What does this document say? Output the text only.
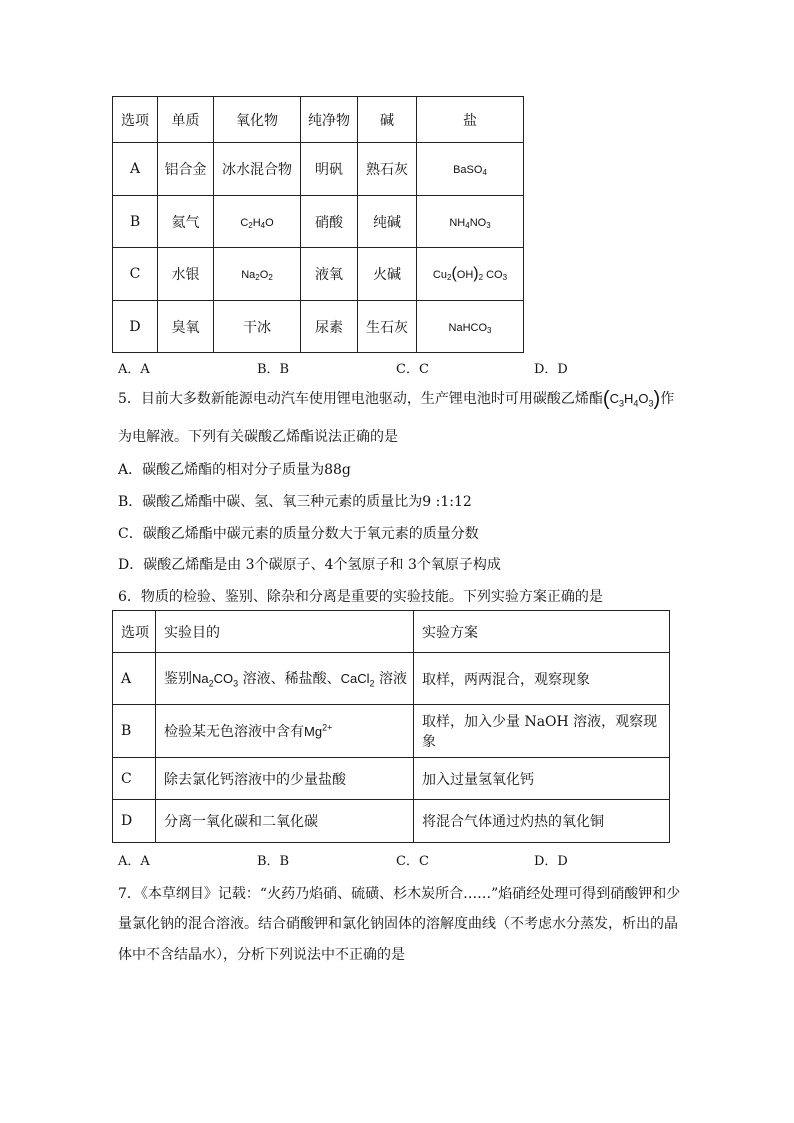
选项	单质	氧化物	纯净物	碱	盐
A	铝合金	冰水混合物	明矾	熟石灰	BaSO$_4$
B	氦气	$C_2H_4O$	硝酸	纯碱	$NH_4NO_3$
C	水银	$Na_2O_2$	液氧	火碱	$Cu_2(OH)_2$ $CO_3$
D	臭氧	干冰	尿素	生石灰	NaHCO$_3$
A．A	B．B	C．C	D．D
5．目前大多数新能源电动汽车使用锂电池驱动，生产锂电池时可用碳酸乙烯酯$(C_3H_4O_3)$作
为电解液。下列有关碳酸乙烯酯说法正确的是
A．碳酸乙烯酯的相对分子质量为88g
B．碳酸乙烯酯中碳、氢、氧三种元素的质量比为9 :1:12
C．碳酸乙烯酯中碳元素的质量分数大于氧元素的质量分数
D．碳酸乙烯酯是由 3个碳原子、4个氢原子和 3个氧原子构成
6．物质的检验、鉴别、除杂和分离是重要的实验技能。下列实验方案正确的是
选项	实验目的	实验方案
A	鉴别$Na_2CO_3$ 溶液、稀盐酸、CaCl$_2$ 溶液	取样，两两混合，观察现象
B	检验某无色溶液中含有$Mg^{2+}$	取样，加入少量 NaOH 溶液，观察现象
C	除去氯化钙溶液中的少量盐酸	加入过量氢氧化钙
D	分离一氧化碳和二氧化碳	将混合气体通过灼热的氧化铜
A．A	B．B	C．C	D．D
7．《本草纲目》记载：“火药乃焰硝、硫磺、杉木炭所合……”焰硝经处理可得到硝酸钾和少
量氯化钠的混合溶液。结合硝酸钾和氯化钠固体的溶解度曲线（不考虑水分蒸发，析出的晶
体中不含结晶水），分析下列说法中不正确的是
